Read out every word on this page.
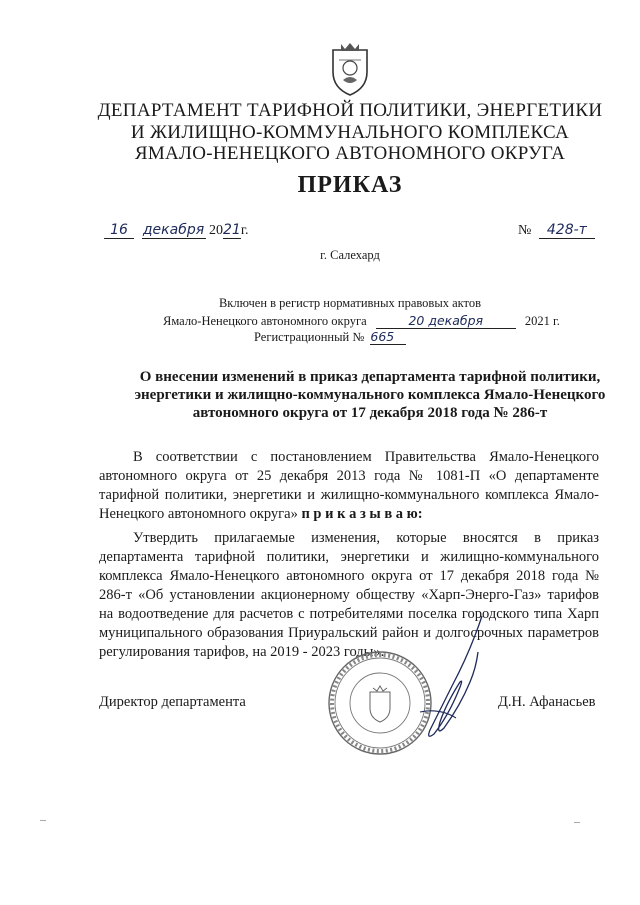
ДЕПАРТАМЕНТ ТАРИФНОЙ ПОЛИТИКИ, ЭНЕРГЕТИКИ
И ЖИЛИЩНО-КОММУНАЛЬНОГО КОМПЛЕКСА
ЯМАЛО-НЕНЕЦКОГО АВТОНОМНОГО ОКРУГА
ПРИКАЗ
16 декабря 2021г.	№ 428-т
г. Салехард
Включен в регистр нормативных правовых актов
Ямало-Ненецкого автономного округа	20 декабря	2021 г.
Регистрационный № 665
О внесении изменений в приказ департамента тарифной политики,
энергетики и жилищно-коммунального комплекса Ямало-Ненецкого
автономного округа от 17 декабря 2018 года № 286-т
В соответствии с постановлением Правительства Ямало-Ненецкого автономного округа от 25 декабря 2013 года № 1081-П «О департаменте тарифной политики, энергетики и жилищно-коммунального комплекса Ямало-Ненецкого автономного округа» п р и к а з ы в а ю:
Утвердить прилагаемые изменения, которые вносятся в приказ департамента тарифной политики, энергетики и жилищно-коммунального комплекса Ямало-Ненецкого автономного округа от 17 декабря 2018 года № 286-т «Об установлении акционерному обществу «Харп-Энерго-Газ» тарифов на водоотведение для расчетов с потребителями поселка городского типа Харп муниципального образования Приуральский район и долгосрочных параметров регулирования тарифов, на 2019 - 2023 годы».
Директор департамента	Д.Н. Афанасьев
